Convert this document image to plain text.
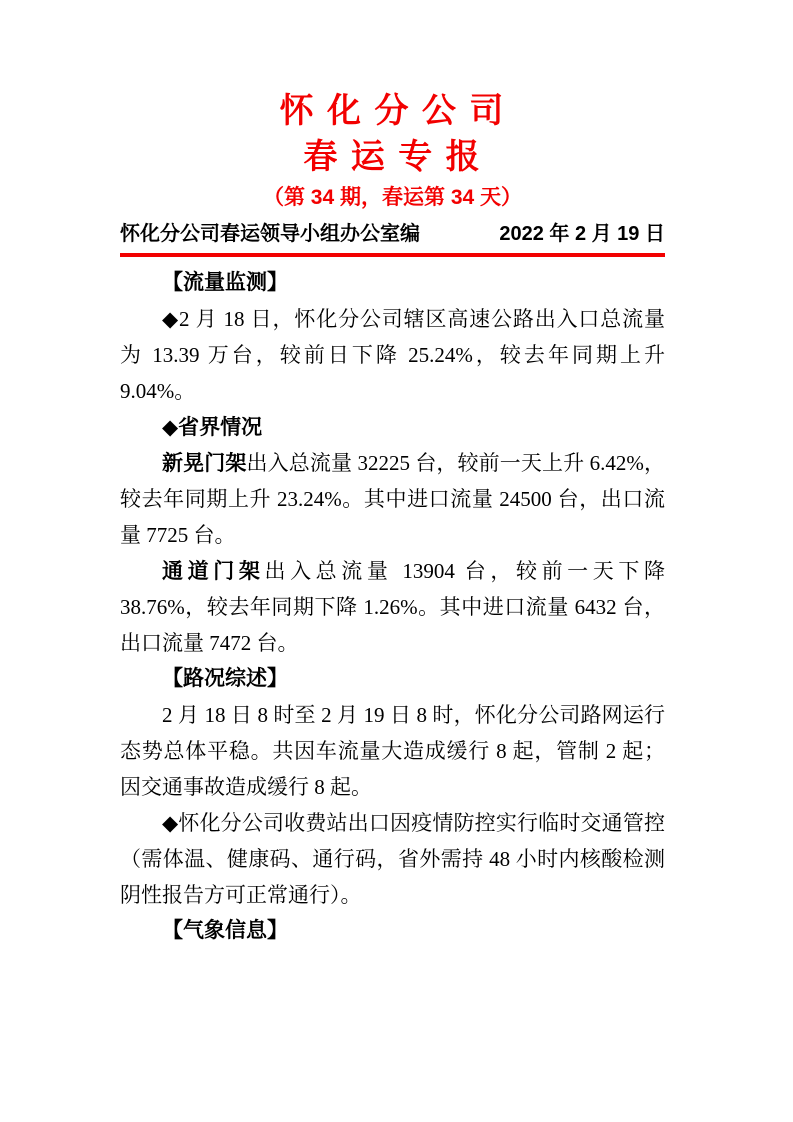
怀 化 分 公 司
春 运 专 报
（第 34 期，春运第 34 天）
怀化分公司春运领导小组办公室编	2022 年 2 月 19 日

【流量监测】

◆2 月 18 日，怀化分公司辖区高速公路出入口总流量为 13.39 万台，较前日下降 25.24%，较去年同期上升 9.04%。

◆省界情况

新晃门架出入总流量 32225 台，较前一天上升 6.42%，较去年同期上升 23.24%。其中进口流量 24500 台，出口流量 7725 台。

通道门架出入总流量 13904 台，较前一天下降 38.76%，较去年同期下降 1.26%。其中进口流量 6432 台，出口流量 7472 台。

【路况综述】

2 月 18 日 8 时至 2 月 19 日 8 时，怀化分公司路网运行态势总体平稳。共因车流量大造成缓行 8 起，管制 2 起；因交通事故造成缓行 8 起。

◆怀化分公司收费站出口因疫情防控实行临时交通管控（需体温、健康码、通行码，省外需持 48 小时内核酸检测阴性报告方可正常通行）。

【气象信息】
